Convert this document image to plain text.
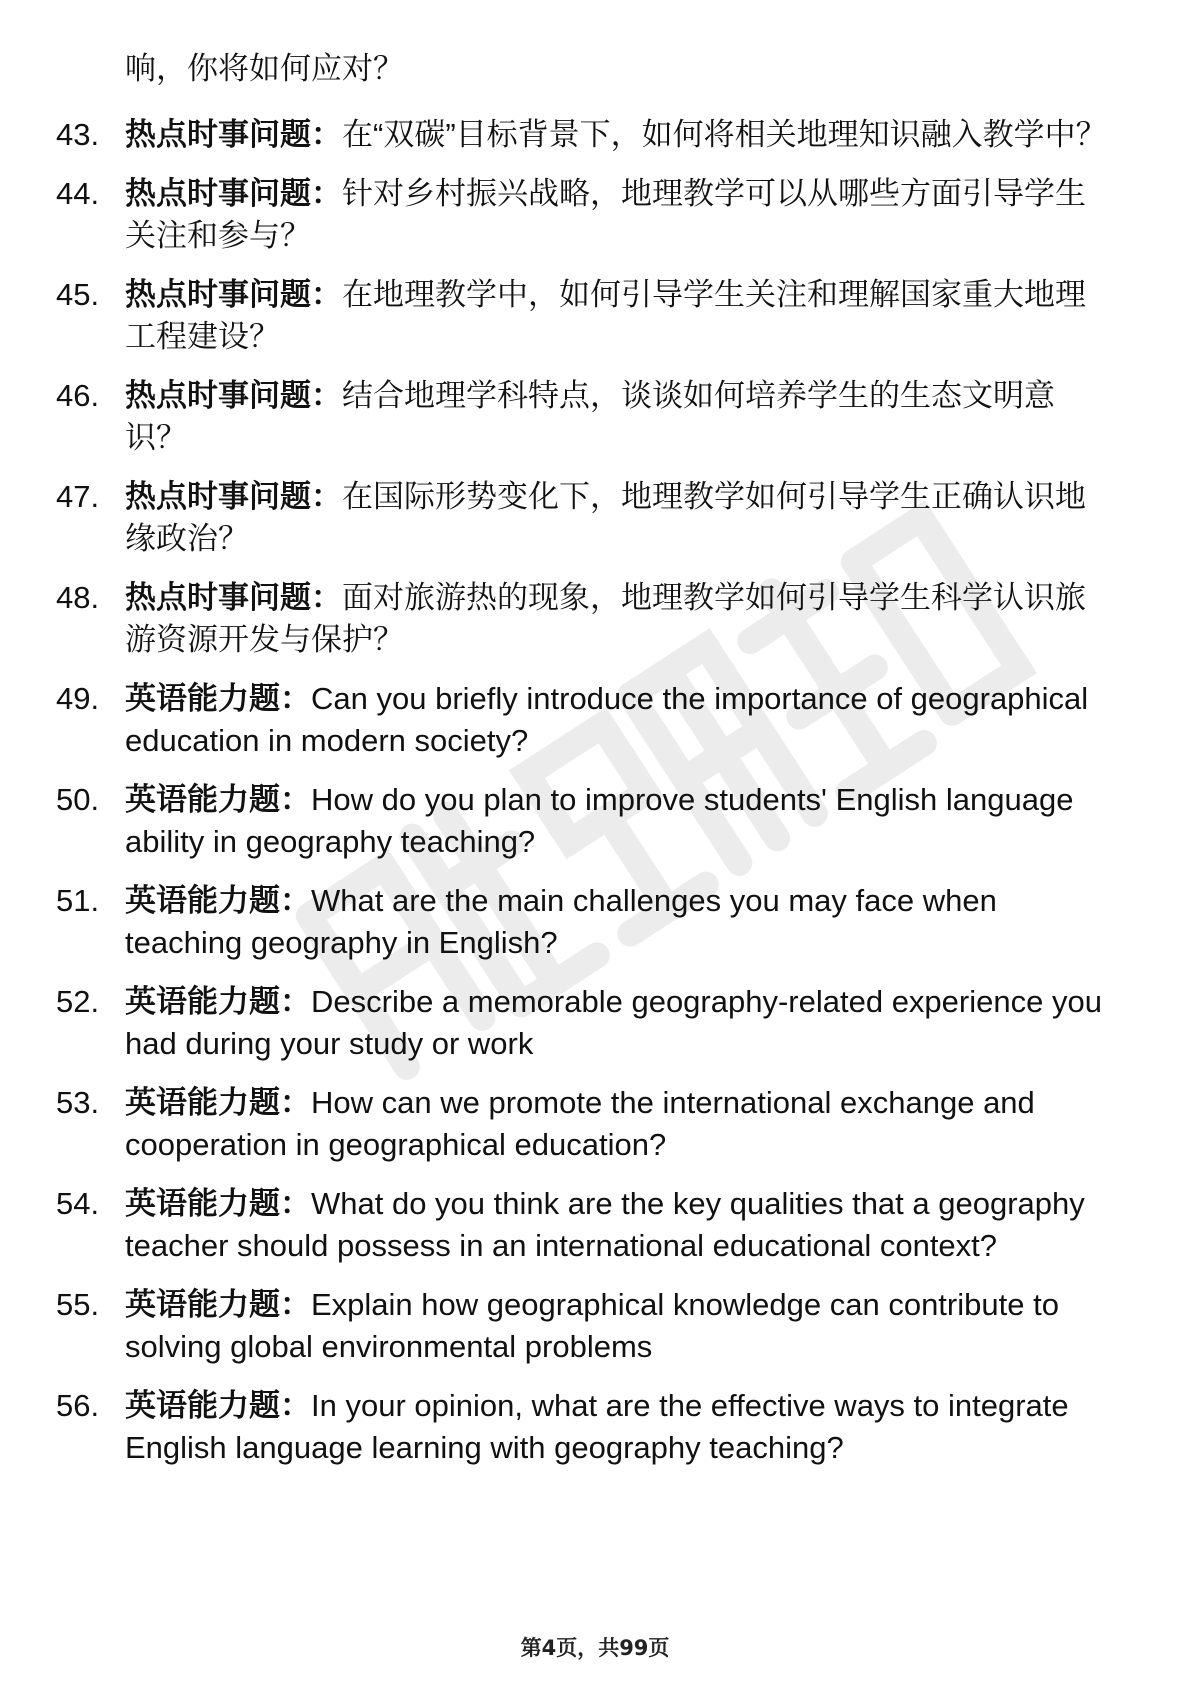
响，你将如何应对？
43. 热点时事问题：在“双碳”目标背景下，如何将相关地理知识融入教学中？
44. 热点时事问题：针对乡村振兴战略，地理教学可以从哪些方面引导学生关注和参与？
45. 热点时事问题：在地理教学中，如何引导学生关注和理解国家重大地理工程建设？
46. 热点时事问题：结合地理学科特点，谈谈如何培养学生的生态文明意识？
47. 热点时事问题：在国际形势变化下，地理教学如何引导学生正确认识地缘政治？
48. 热点时事问题：面对旅游热的现象，地理教学如何引导学生科学认识旅游资源开发与保护？
49. 英语能力题：Can you briefly introduce the importance of geographical education in modern society?
50. 英语能力题：How do you plan to improve students' English language ability in geography teaching?
51. 英语能力题：What are the main challenges you may face when teaching geography in English?
52. 英语能力题：Describe a memorable geography-related experience you had during your study or work
53. 英语能力题：How can we promote the international exchange and cooperation in geographical education?
54. 英语能力题：What do you think are the key qualities that a geography teacher should possess in an international educational context?
55. 英语能力题：Explain how geographical knowledge can contribute to solving global environmental problems
56. 英语能力题：In your opinion, what are the effective ways to integrate English language learning with geography teaching?
第4页，共99页
